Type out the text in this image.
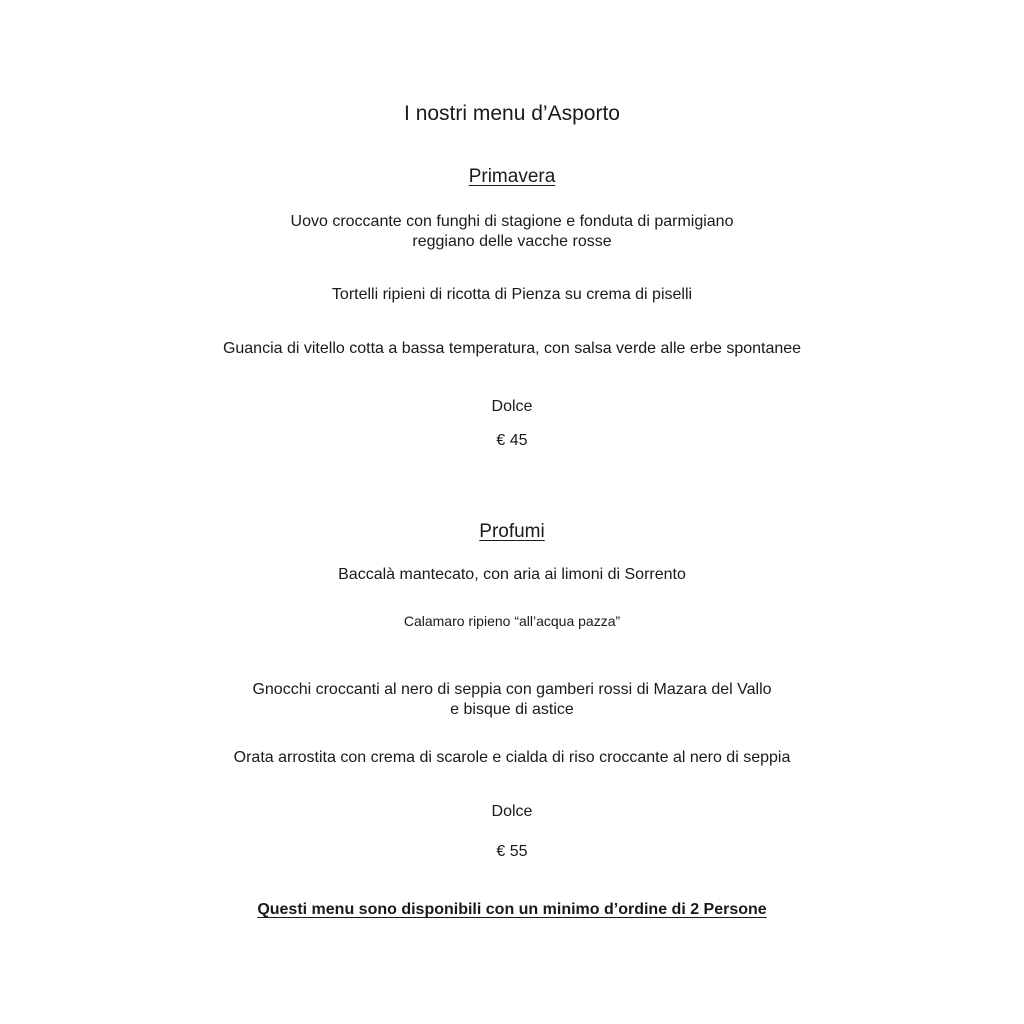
I nostri menu d’Asporto
Primavera
Uovo croccante con funghi di stagione e fonduta di parmigiano
reggiano delle vacche rosse
Tortelli ripieni di ricotta di Pienza su crema di piselli
Guancia di vitello cotta a bassa temperatura, con salsa verde alle erbe spontanee
Dolce
€ 45
Profumi
Baccalà mantecato, con aria ai limoni di Sorrento
Calamaro ripieno “all’acqua pazza”
Gnocchi croccanti al nero di seppia con gamberi rossi di Mazara del Vallo
e bisque di astice
Orata arrostita con crema di scarole e cialda di riso croccante al nero di seppia
Dolce
€ 55
Questi menu sono disponibili con un minimo d’ordine di 2 Persone
